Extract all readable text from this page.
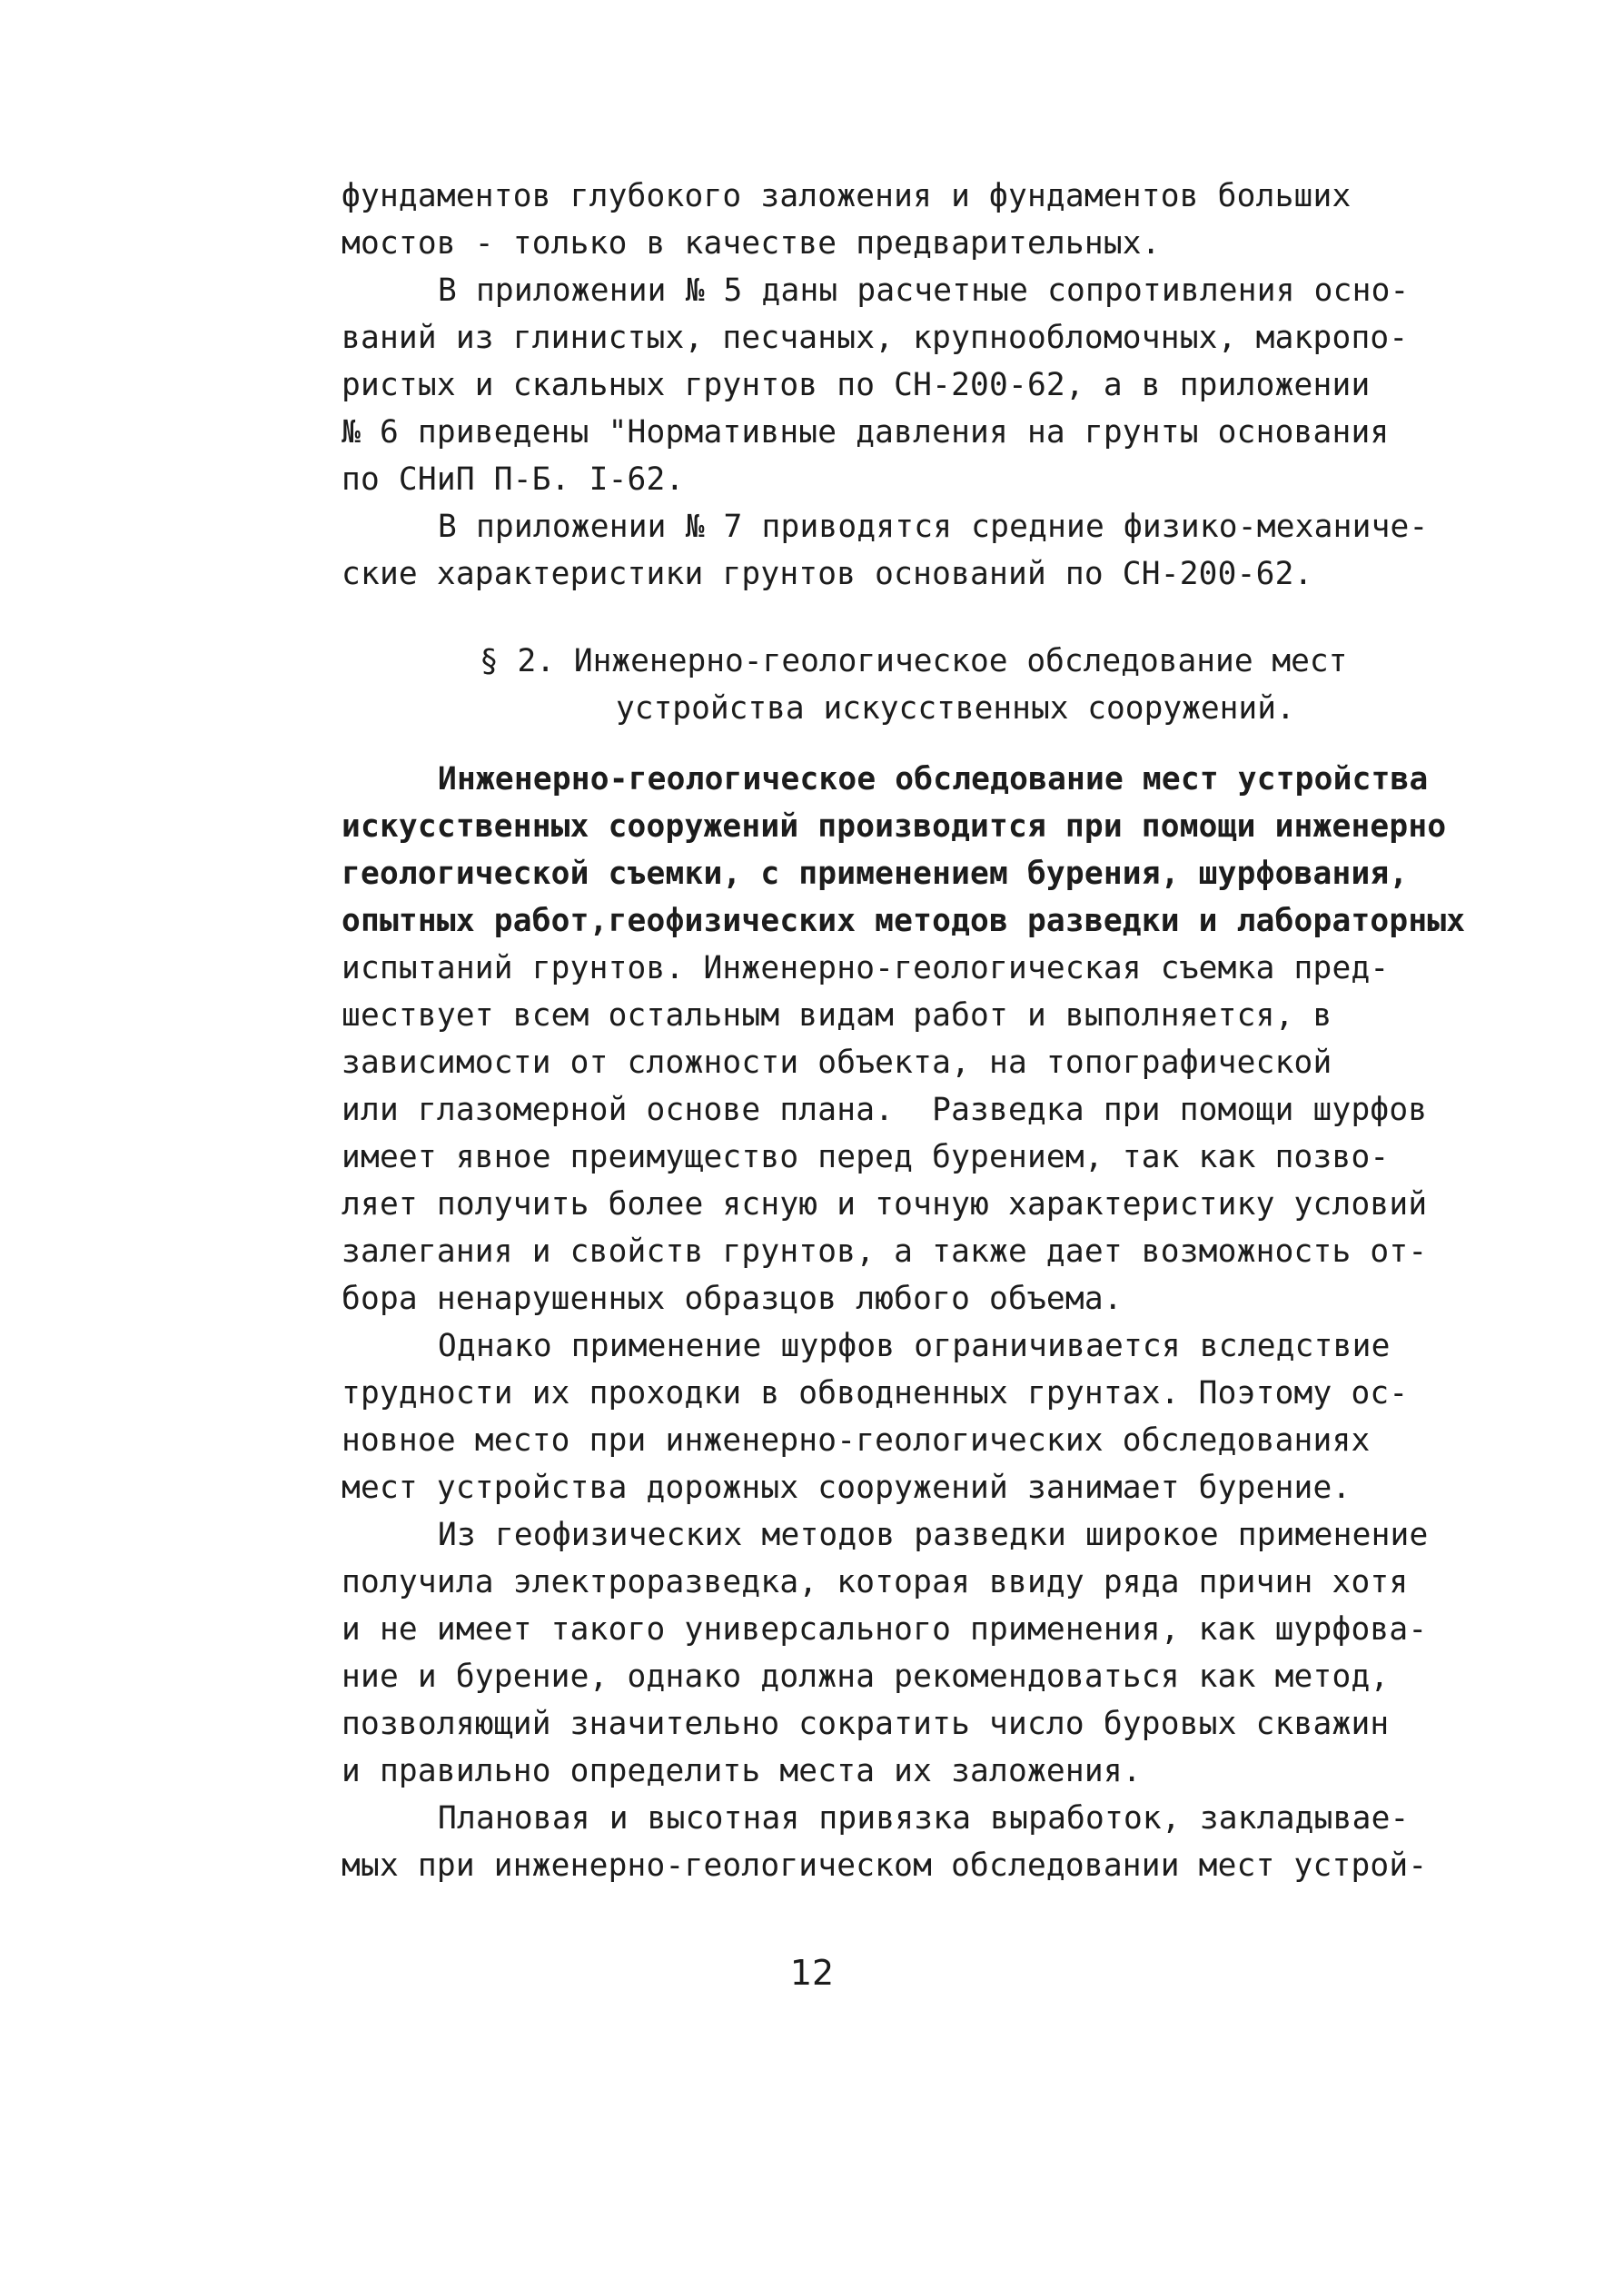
фундаментов глубокого заложения и фундаментов больших
мостов - только в качестве предварительных.
В приложении № 5 даны расчетные сопротивления осно-
ваний из глинистых, песчаных, крупнообломочных, макропо-
ристых и скальных грунтов по СН-200-62, а в приложении
№ 6 приведены "Нормативные давления на грунты основания
по СНиП П-Б. I-62.
В приложении № 7 приводятся средние физико-механиче-
ские характеристики грунтов оснований по СН-200-62.
§ 2. Инженерно-геологическое обследование мест
устройства искусственных сооружений.
Инженерно-геологическое обследование мест устройства
искусственных сооружений производится при помощи инженерно
геологической съемки, с применением бурения, шурфования,
опытных работ,геофизических методов разведки и лабораторных
испытаний грунтов. Инженерно-геологическая съемка пред-
шествует всем остальным видам работ и выполняется, в
зависимости от сложности объекта, на топографической
или глазомерной основе плана.  Разведка при помощи шурфов
имеет явное преимущество перед бурением, так как позво-
ляет получить более ясную и точную характеристику условий
залегания и свойств грунтов, а также дает возможность от-
бора ненарушенных образцов любого объема.
Однако применение шурфов ограничивается вследствие
трудности их проходки в обводненных грунтах. Поэтому ос-
новное место при инженерно-геологических обследованиях
мест устройства дорожных сооружений занимает бурение.
Из геофизических методов разведки широкое применение
получила электроразведка, которая ввиду ряда причин хотя
и не имеет такого универсального применения, как шурфова-
ние и бурение, однако должна рекомендоваться как метод,
позволяющий значительно сократить число буровых скважин
и правильно определить места их заложения.
Плановая и высотная привязка выработок, закладывае-
мых при инженерно-геологическом обследовании мест устрой-
12
